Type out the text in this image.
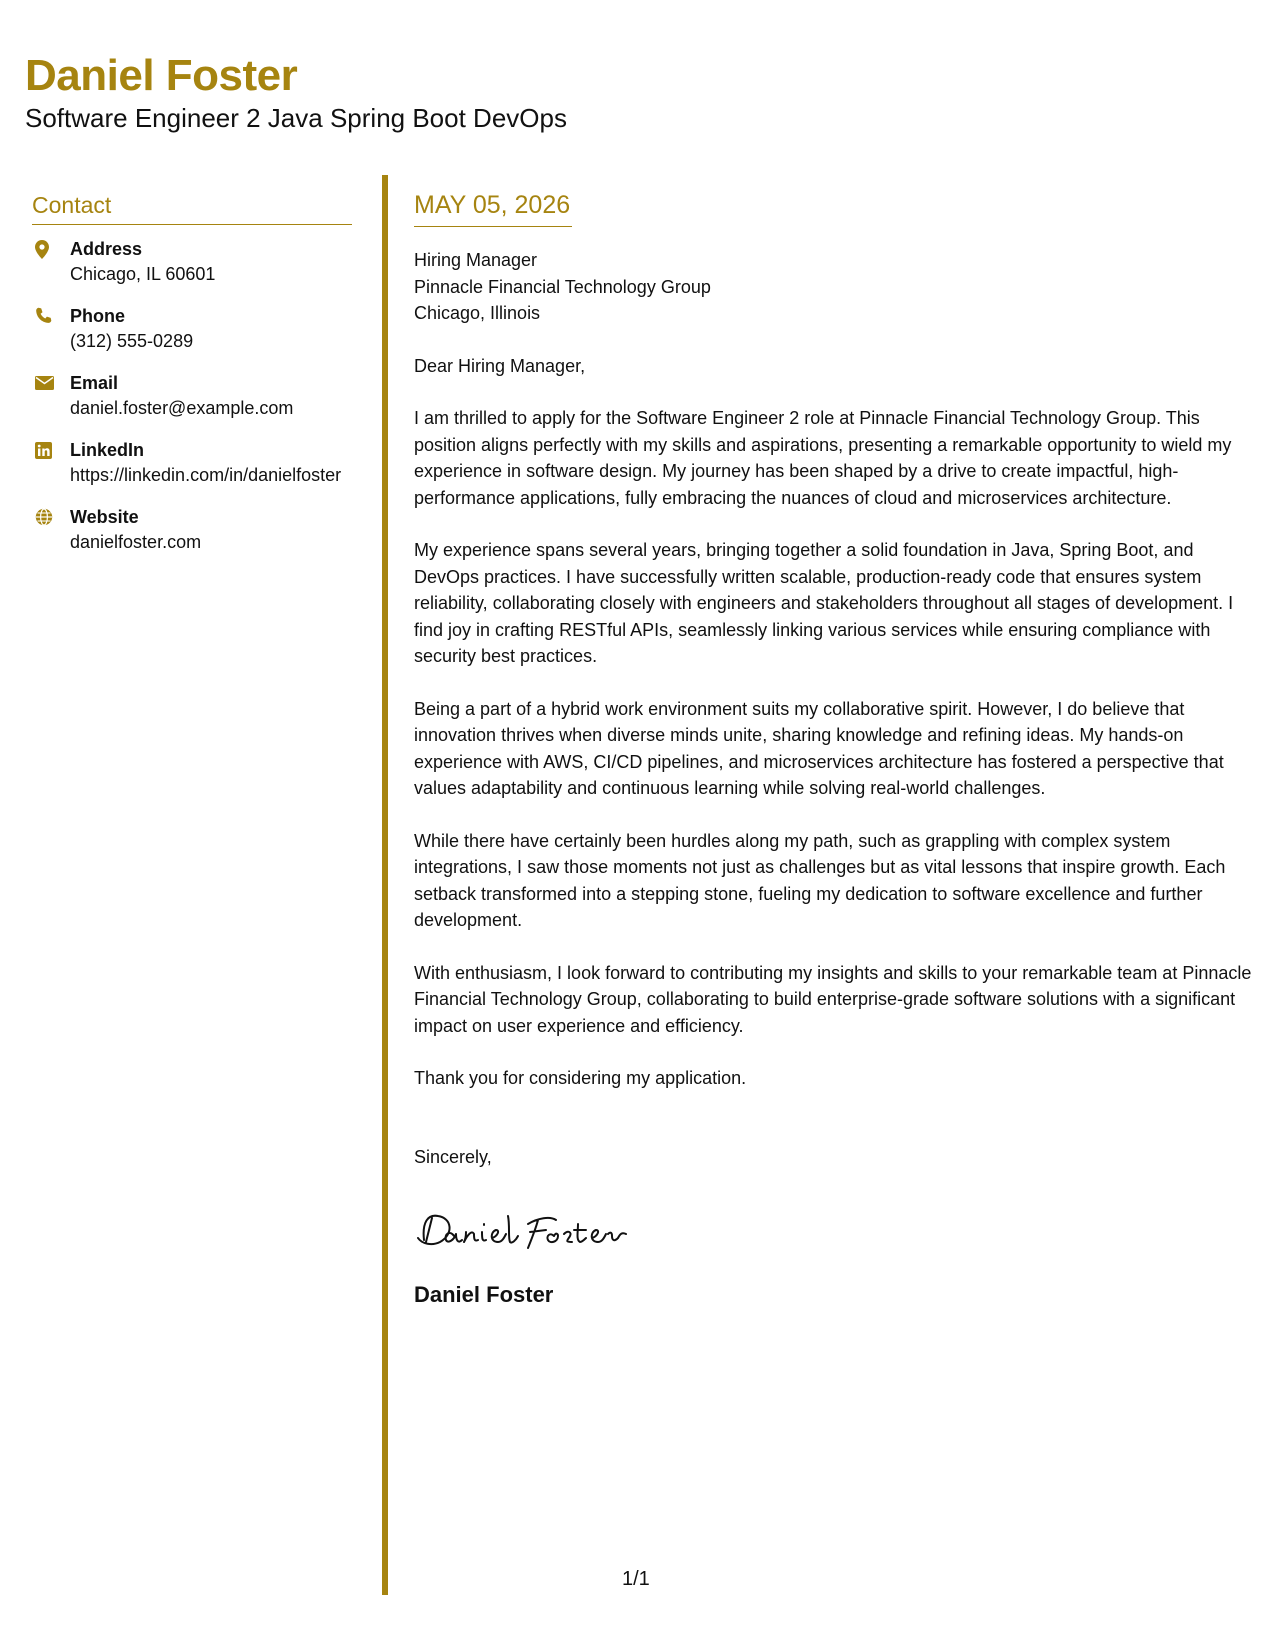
Daniel Foster
Software Engineer 2 Java Spring Boot DevOps
Contact
Address
Chicago, IL 60601
Phone
(312) 555-0289
Email
daniel.foster@example.com
LinkedIn
https://linkedin.com/in/danielfoster
Website
danielfoster.com
MAY 05, 2026
Hiring Manager
Pinnacle Financial Technology Group
Chicago, Illinois
Dear Hiring Manager,

I am thrilled to apply for the Software Engineer 2 role at Pinnacle Financial Technology Group. This position aligns perfectly with my skills and aspirations, presenting a remarkable opportunity to wield my experience in software design. My journey has been shaped by a drive to create impactful, high-performance applications, fully embracing the nuances of cloud and microservices architecture.

My experience spans several years, bringing together a solid foundation in Java, Spring Boot, and DevOps practices. I have successfully written scalable, production-ready code that ensures system reliability, collaborating closely with engineers and stakeholders throughout all stages of development. I find joy in crafting RESTful APIs, seamlessly linking various services while ensuring compliance with security best practices.

Being a part of a hybrid work environment suits my collaborative spirit. However, I do believe that innovation thrives when diverse minds unite, sharing knowledge and refining ideas. My hands-on experience with AWS, CI/CD pipelines, and microservices architecture has fostered a perspective that values adaptability and continuous learning while solving real-world challenges.

While there have certainly been hurdles along my path, such as grappling with complex system integrations, I saw those moments not just as challenges but as vital lessons that inspire growth. Each setback transformed into a stepping stone, fueling my dedication to software excellence and further development.

With enthusiasm, I look forward to contributing my insights and skills to your remarkable team at Pinnacle Financial Technology Group, collaborating to build enterprise-grade software solutions with a significant impact on user experience and efficiency.

Thank you for considering my application.

Sincerely,
Daniel Foster
Daniel Foster
1/1
